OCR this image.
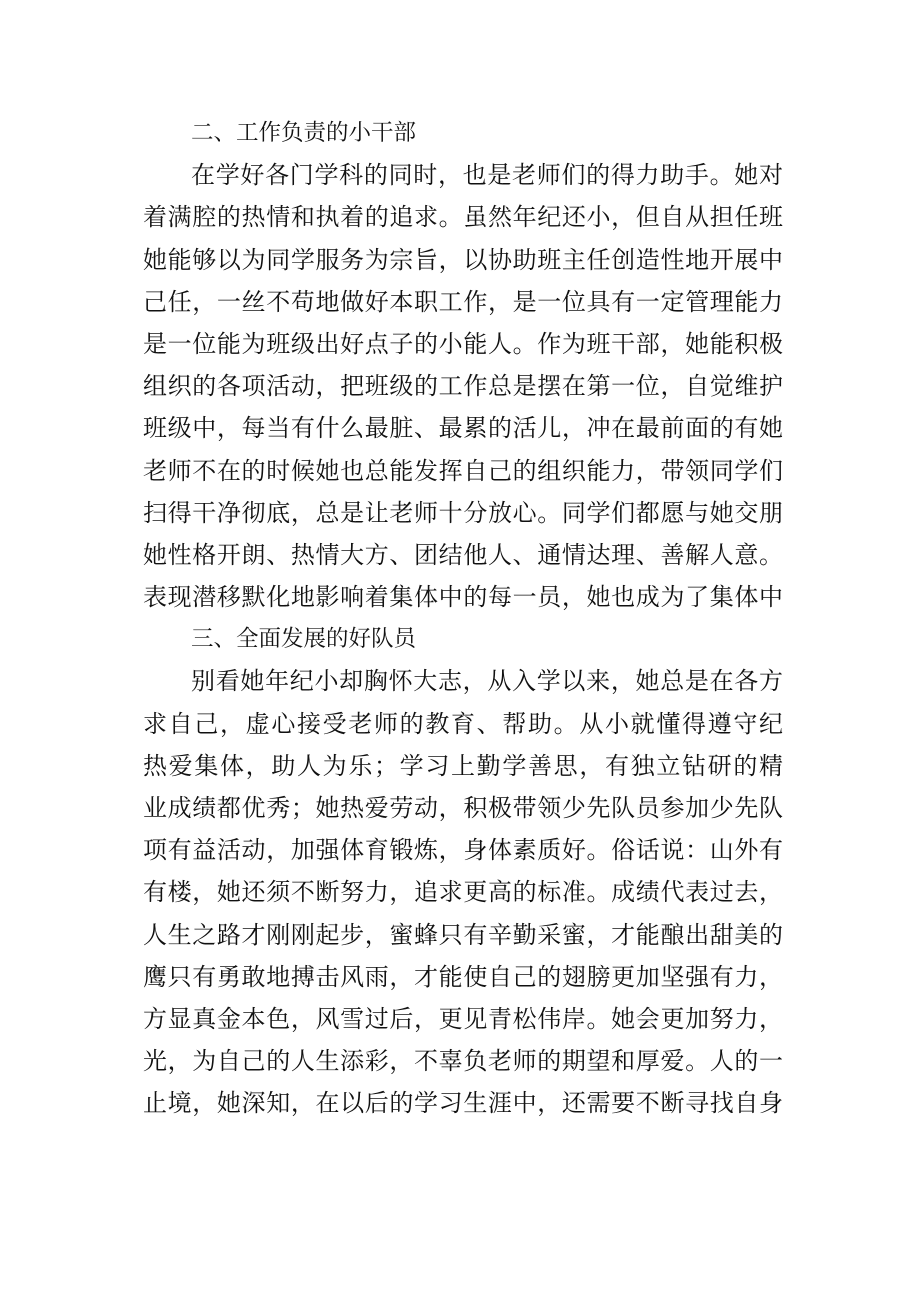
二、工作负责的小干部
在学好各门学科的同时，也是老师们的得力助手。她对
着满腔的热情和执着的追求。虽然年纪还小，但自从担任班
她能够以为同学服务为宗旨，以协助班主任创造性地开展中
己任，一丝不苟地做好本职工作，是一位具有一定管理能力
是一位能为班级出好点子的小能人。作为班干部，她能积极
组织的各项活动，把班级的工作总是摆在第一位，自觉维护
班级中，每当有什么最脏、最累的活儿，冲在最前面的有她
老师不在的时候她也总能发挥自己的组织能力，带领同学们
扫得干净彻底，总是让老师十分放心。同学们都愿与她交朋
她性格开朗、热情大方、团结他人、通情达理、善解人意。
表现潜移默化地影响着集体中的每一员，她也成为了集体中
三、全面发展的好队员
别看她年纪小却胸怀大志，从入学以来，她总是在各方
求自己，虚心接受老师的教育、帮助。从小就懂得遵守纪
热爱集体，助人为乐；学习上勤学善思，有独立钻研的精
业成绩都优秀；她热爱劳动，积极带领少先队员参加少先队
项有益活动，加强体育锻炼，身体素质好。俗话说：山外有
有楼，她还须不断努力，追求更高的标准。成绩代表过去，
人生之路才刚刚起步，蜜蜂只有辛勤采蜜，才能酿出甜美的
鹰只有勇敢地搏击风雨，才能使自己的翅膀更加坚强有力，
方显真金本色，风雪过后，更见青松伟岸。她会更加努力，
光，为自己的人生添彩，不辜负老师的期望和厚爱。人的一
止境，她深知，在以后的学习生涯中，还需要不断寻找自身
